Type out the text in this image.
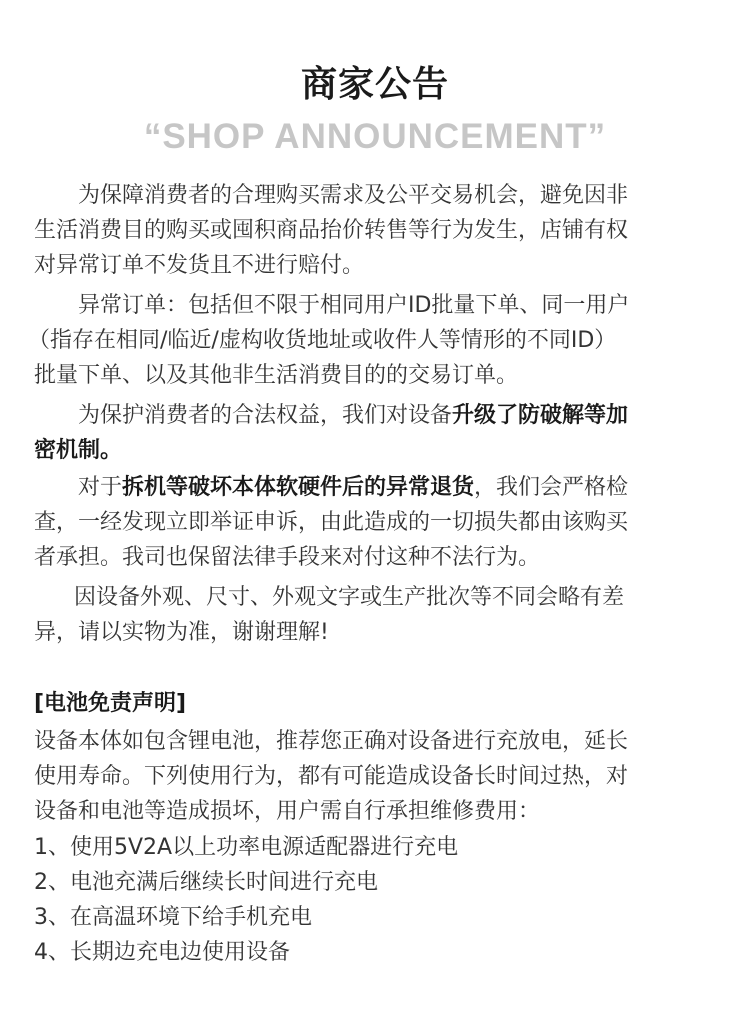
商家公告
“SHOP ANNOUNCEMENT”
为保障消费者的合理购买需求及公平交易机会，避免因非
生活消费目的购买或囤积商品抬价转售等行为发生，店铺有权
对异常订单不发货且不进行赔付。
异常订单：包括但不限于相同用户ID批量下单、同一用户
（指存在相同/临近/虚构收货地址或收件人等情形的不同ID）
批量下单、以及其他非生活消费目的的交易订单。
为保护消费者的合法权益，我们对设备升级了防破解等加
密机制。
对于拆机等破坏本体软硬件后的异常退货，我们会严格检
查，一经发现立即举证申诉，由此造成的一切损失都由该购买
者承担。我司也保留法律手段来对付这种不法行为。
因设备外观、尺寸、外观文字或生产批次等不同会略有差
异，请以实物为准，谢谢理解!
[电池免责声明]
设备本体如包含锂电池，推荐您正确对设备进行充放电，延长
使用寿命。下列使用行为，都有可能造成设备长时间过热，对
设备和电池等造成损坏，用户需自行承担维修费用：
1、使用5V2A以上功率电源适配器进行充电
2、电池充满后继续长时间进行充电
3、在高温环境下给手机充电
4、长期边充电边使用设备
